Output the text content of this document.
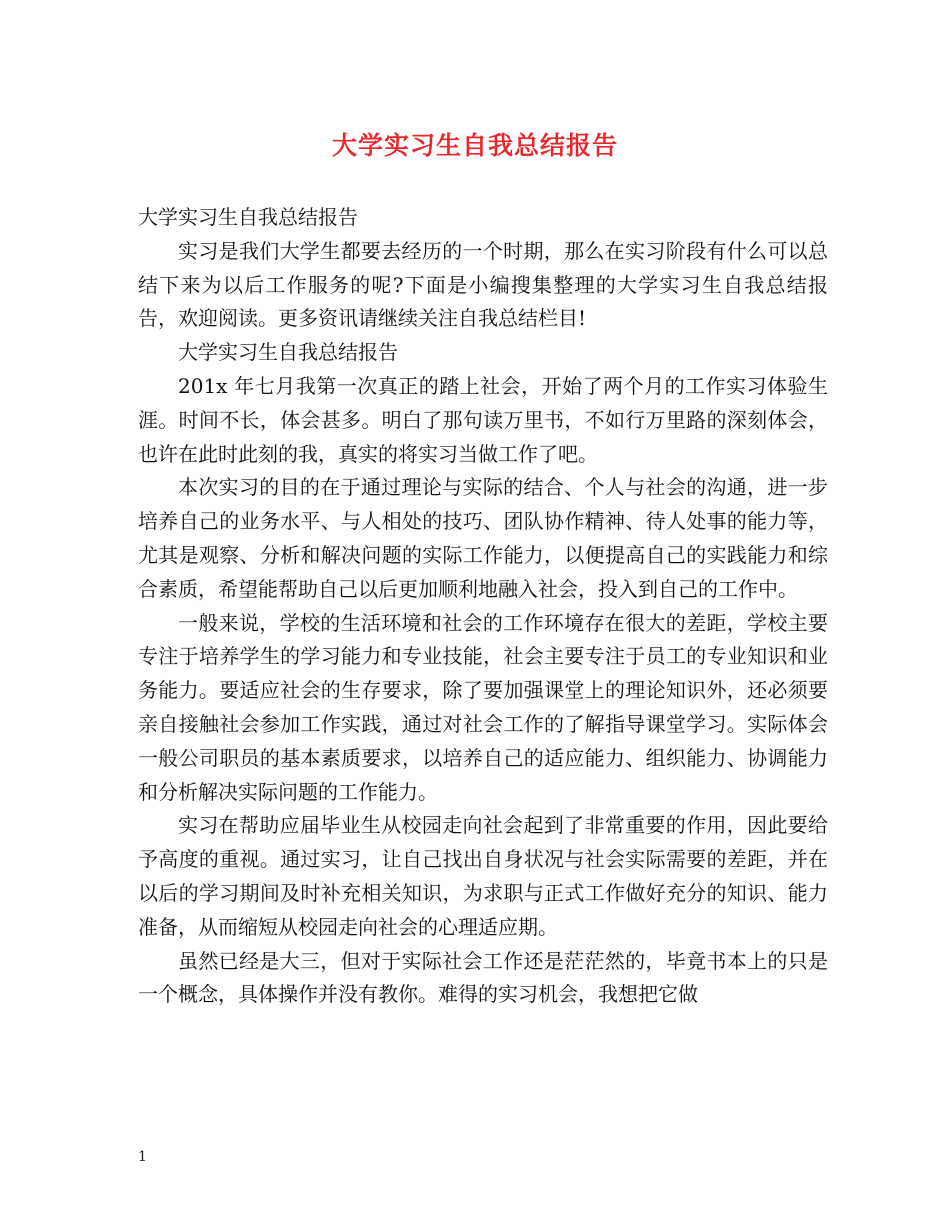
大学实习生自我总结报告

大学实习生自我总结报告

实习是我们大学生都要去经历的一个时期，那么在实习阶段有什么可以总结下来为以后工作服务的呢?下面是小编搜集整理的大学实习生自我总结报告，欢迎阅读。更多资讯请继续关注自我总结栏目!

大学实习生自我总结报告

201x 年七月我第一次真正的踏上社会，开始了两个月的工作实习体验生涯。时间不长，体会甚多。明白了那句读万里书，不如行万里路的深刻体会，也许在此时此刻的我，真实的将实习当做工作了吧。

本次实习的目的在于通过理论与实际的结合、个人与社会的沟通，进一步培养自己的业务水平、与人相处的技巧、团队协作精神、待人处事的能力等，尤其是观察、分析和解决问题的实际工作能力，以便提高自己的实践能力和综合素质，希望能帮助自己以后更加顺利地融入社会，投入到自己的工作中。

一般来说，学校的生活环境和社会的工作环境存在很大的差距，学校主要专注于培养学生的学习能力和专业技能，社会主要专注于员工的专业知识和业务能力。要适应社会的生存要求，除了要加强课堂上的理论知识外，还必须要亲自接触社会参加工作实践，通过对社会工作的了解指导课堂学习。实际体会一般公司职员的基本素质要求，以培养自己的适应能力、组织能力、协调能力和分析解决实际问题的工作能力。

实习在帮助应届毕业生从校园走向社会起到了非常重要的作用，因此要给予高度的重视。通过实习，让自己找出自身状况与社会实际需要的差距，并在以后的学习期间及时补充相关知识，为求职与正式工作做好充分的知识、能力准备，从而缩短从校园走向社会的心理适应期。

虽然已经是大三，但对于实际社会工作还是茫茫然的，毕竟书本上的只是一个概念，具体操作并没有教你。难得的实习机会，我想把它做

1
